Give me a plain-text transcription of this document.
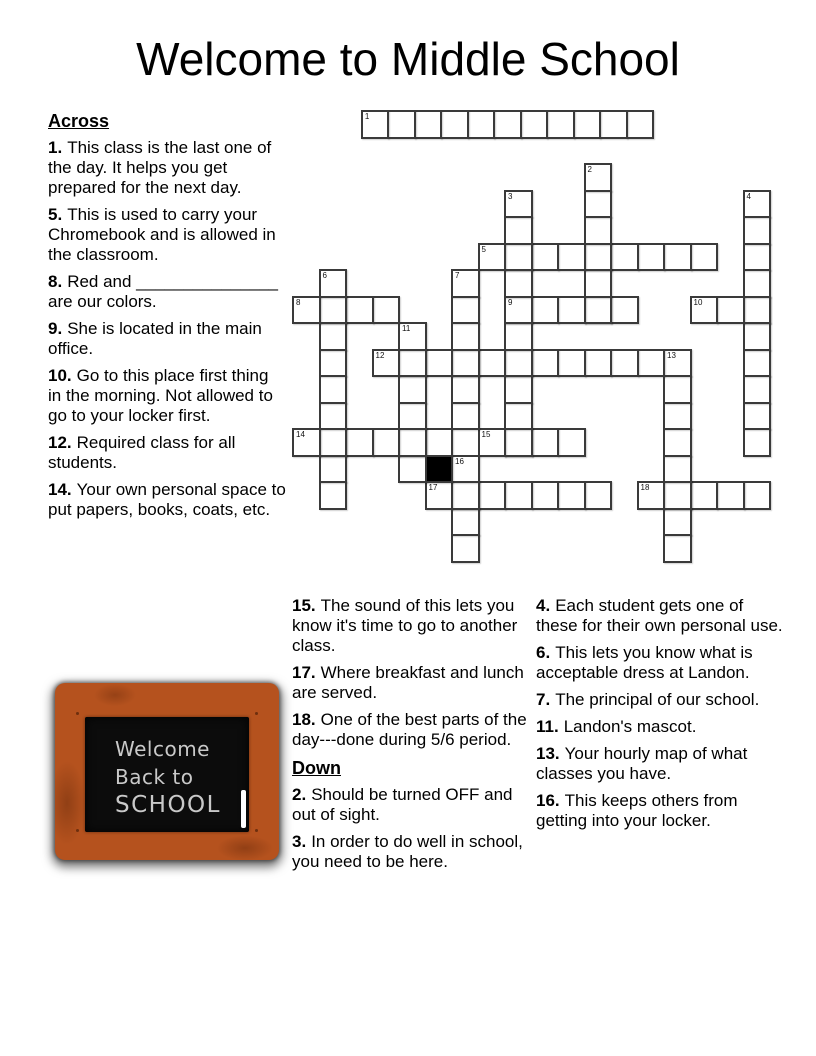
Welcome to Middle School
1
5
8	9	10
12
14	15
17	18
2
3	4
6	7
11
13
16

Across

1. This class is the last one of the day. It helps you get prepared for the next day.

5. This is used to carry your Chromebook and is allowed in the classroom.

8. Red and _______________ are our colors.

9. She is located in the main office.

10. Go to this place first thing in the morning. Not allowed to go to your locker first.

12. Required class for all students.

14. Your own personal space to put papers, books, coats, etc.

15. The sound of this lets you know it's time to go to another class.

17. Where breakfast and lunch are served.

18. One of the best parts of the day---done during 5/6 period.

Down

2. Should be turned OFF and out of sight.

3. In order to do well in school, you need to be here.

4. Each student gets one of these for their own personal use.

6. This lets you know what is acceptable dress at Landon.

7. The principal of our school.

11. Landon's mascot.

13. Your hourly map of what classes you have.

16. This keeps others from getting into your locker.

Welcome
Back to
SCHOOL
